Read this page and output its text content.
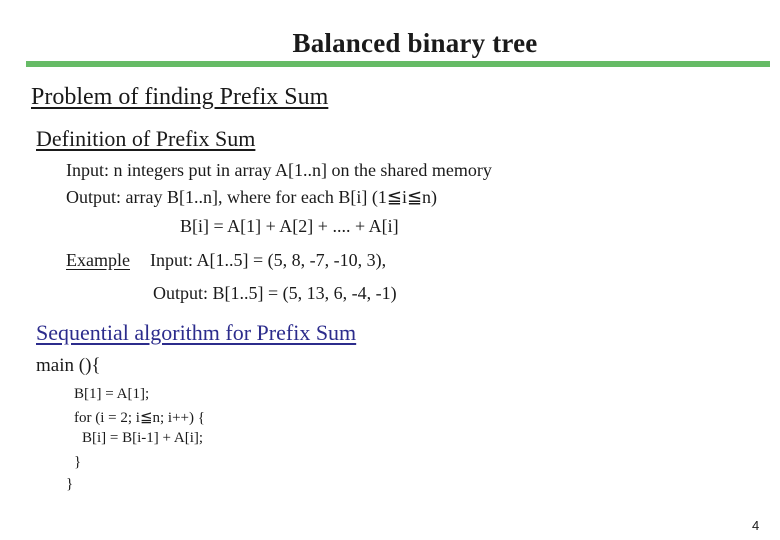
Balanced binary tree
Problem of finding Prefix Sum
Definition of Prefix Sum
Input: n integers put in array A[1..n] on the shared memory
Output: array B[1..n], where for each B[i] (1≦i≦n)
B[i] = A[1] + A[2] + .... + A[i]
Example Input: A[1..5] = (5, 8, -7, -10, 3),
Output: B[1..5] = (5, 13, 6, -4, -1)
Sequential algorithm for Prefix Sum
main (){
B[1] = A[1];
for (i = 2; i≦n; i++) {
B[i] = B[i-1] + A[i];
}
}
4
